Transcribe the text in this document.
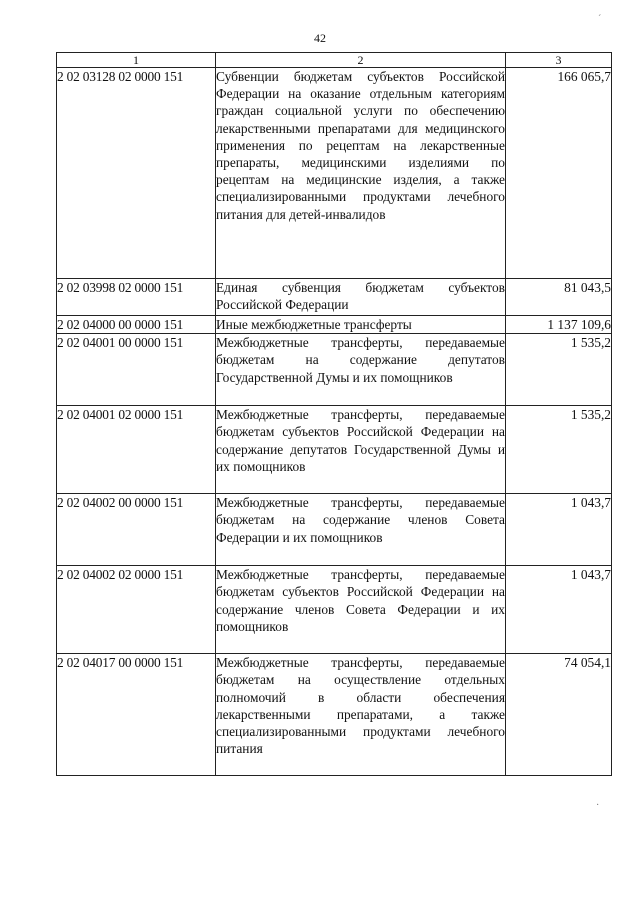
42
1	2	3
2 02 03128 02 0000 151	Субвенции бюджетам субъектов Российской Федерации на оказание отдельным категориям граждан социальной услуги по обеспечению лекарственными препаратами для медицинского применения по рецептам на лекарственные препараты, медицинскими изделиями по рецептам на медицинские изделия, а также специализированными продуктами лечебного питания для детей-инвалидов	166 065,7
2 02 03998 02 0000 151	Единая субвенция бюджетам субъектов Российской Федерации	81 043,5
2 02 04000 00 0000 151	Иные межбюджетные трансферты	1 137 109,6
2 02 04001 00 0000 151	Межбюджетные трансферты, передаваемые бюджетам на содержание депутатов Государственной Думы и их помощников	1 535,2
2 02 04001 02 0000 151	Межбюджетные трансферты, передаваемые бюджетам субъектов Российской Федерации на содержание депутатов Государственной Думы и их помощников	1 535,2
2 02 04002 00 0000 151	Межбюджетные трансферты, передаваемые бюджетам на содержание членов Совета Федерации и их помощников	1 043,7
2 02 04002 02 0000 151	Межбюджетные трансферты, передаваемые бюджетам субъектов Российской Федерации на содержание членов Совета Федерации и их помощников	1 043,7
2 02 04017 00 0000 151	Межбюджетные трансферты, передаваемые бюджетам на осуществление отдельных полномочий в области обеспечения лекарственными препаратами, а также специализированными продуктами лечебного питания	74 054,1
´
·
